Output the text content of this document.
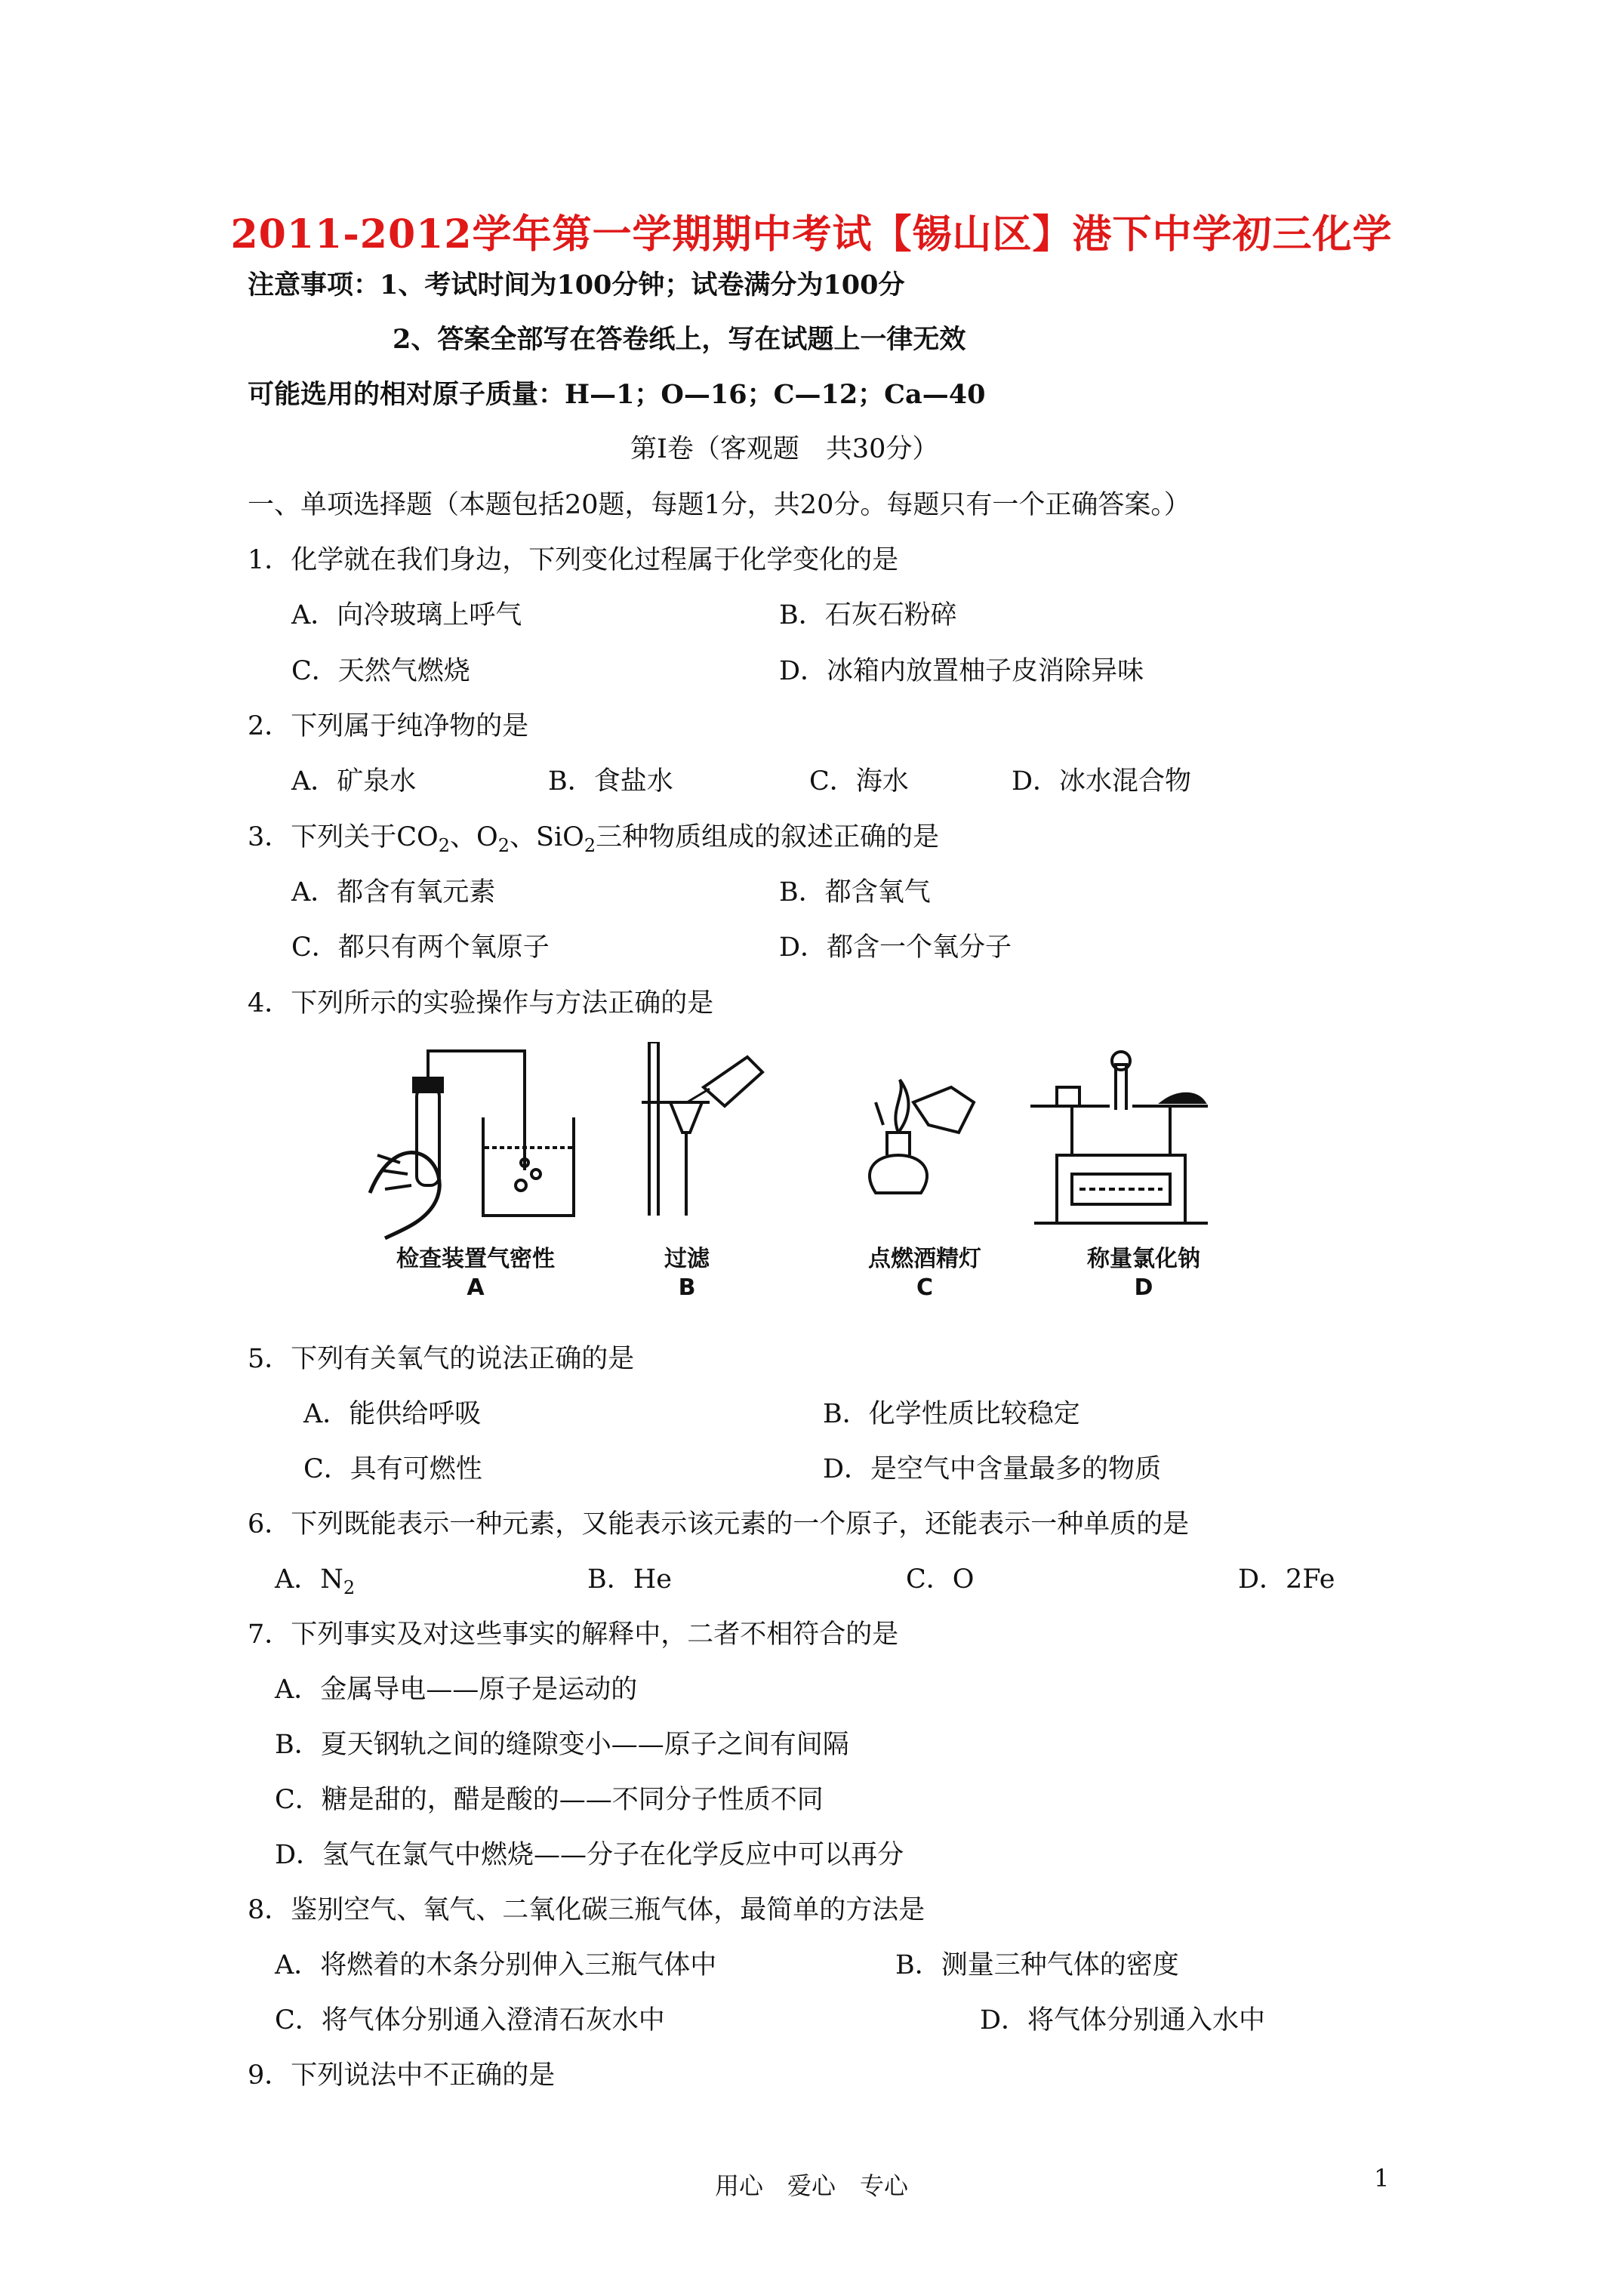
2011-2012学年第一学期期中考试【锡山区】港下中学初三化学
注意事项：1、考试时间为100分钟；试卷满分为100分
2、答案全部写在答卷纸上，写在试题上一律无效
可能选用的相对原子质量：H—1；O—16；C—12；Ca—40
第Ⅰ卷（客观题　共30分）
一、单项选择题（本题包括20题，每题1分，共20分。每题只有一个正确答案。）
1．化学就在我们身边，下列变化过程属于化学变化的是
A．向冷玻璃上呼气	B．石灰石粉碎
C．天然气燃烧	D．冰箱内放置柚子皮消除异味
2．下列属于纯净物的是
A．矿泉水	B．食盐水	C．海水	D．冰水混合物
3．下列关于$CO_2$、$O_2$、SiO$_2$三种物质组成的叙述正确的是
A．都含有氧元素	B．都含氧气
C．都只有两个氧原子	D．都含一个氧分子
4．下列所示的实验操作与方法正确的是
检查装置气密性	过滤	点燃酒精灯	称量氯化钠
A	B	C	D
5．下列有关氧气的说法正确的是
A．能供给呼吸	B．化学性质比较稳定
C．具有可燃性	D．是空气中含量最多的物质
6．下列既能表示一种元素，又能表示该元素的一个原子，还能表示一种单质的是
A．$N_2$	B．He	C．O	D．2Fe
7．下列事实及对这些事实的解释中，二者不相符合的是
A．金属导电——原子是运动的
B．夏天钢轨之间的缝隙变小——原子之间有间隔
C．糖是甜的，醋是酸的——不同分子性质不同
D．氢气在氯气中燃烧——分子在化学反应中可以再分
8．鉴别空气、氧气、二氧化碳三瓶气体，最简单的方法是
A．将燃着的木条分别伸入三瓶气体中	B．测量三种气体的密度
C．将气体分别通入澄清石灰水中	D．将气体分别通入水中
9．下列说法中不正确的是
用心　爱心　专心	1
